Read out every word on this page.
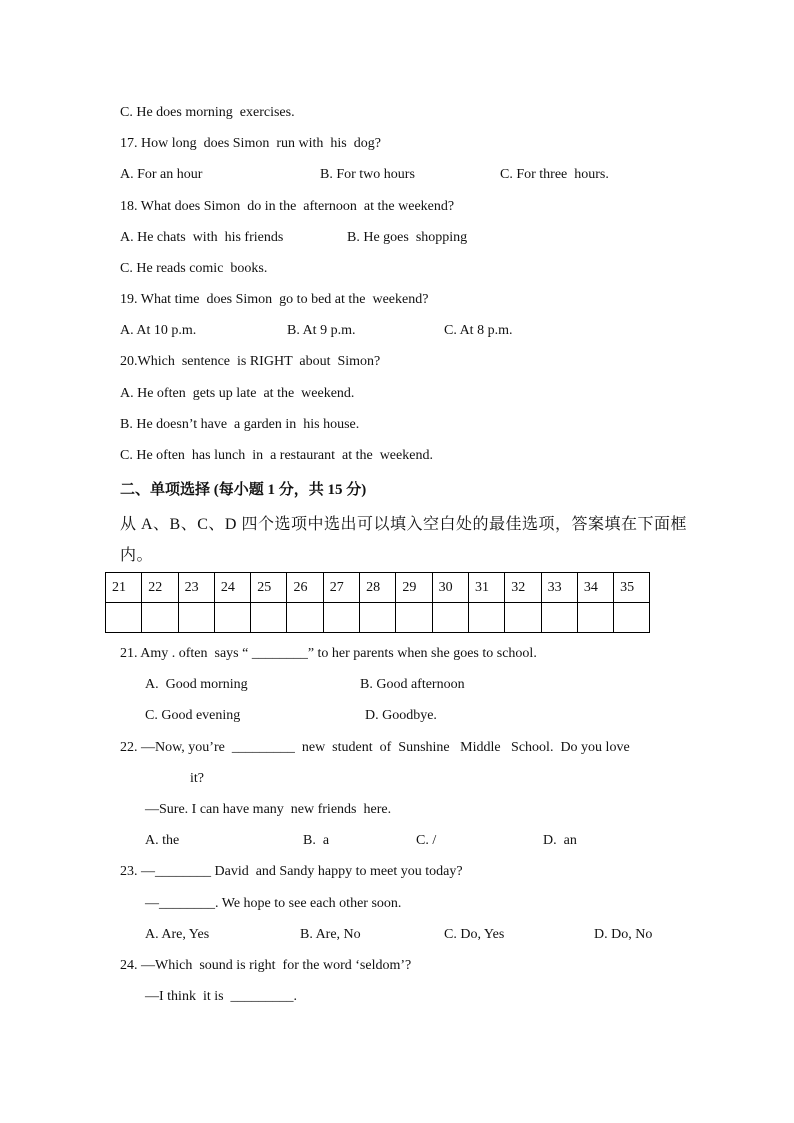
C. He does morning  exercises.
17. How long  does Simon  run with  his  dog?
A. For an hour	B. For two hours	C. For three  hours.
18. What does Simon  do in the  afternoon  at the weekend?
A. He chats  with  his friends	B. He goes  shopping
C. He reads comic  books.
19. What time  does Simon  go to bed at the  weekend?
A. At 10 p.m.	B. At 9 p.m.	C. At 8 p.m.
20.Which  sentence  is RIGHT  about  Simon?
A. He often  gets up late  at the  weekend.
B. He doesn’t have  a garden in  his house.
C. He often  has lunch  in  a restaurant  at the  weekend.
二、单项选择 (每小题 1 分，共 15 分)
从 A、B、C、D 四个选项中选出可以填入空白处的最佳选项，答案填在下面框
内。
21	22	23	24	25	26	27	28	29	30	31	32	33	34	35

21. Amy . often  says “ ________” to her parents when she goes to school.
A.  Good morning	B. Good afternoon
C. Good evening	D. Goodbye.
22. —Now, you’re  _________  new  student  of  Sunshine   Middle   School.  Do you love
it?
—Sure. I can have many  new friends  here.
A. the	B.  a	C. /	D.  an
23. —________ David  and Sandy happy to meet you today?
—________. We hope to see each other soon.
A. Are, Yes	B. Are, No	C. Do, Yes	D. Do, No
24. —Which  sound is right  for the word ‘seldom’?
—I think  it is  _________.
